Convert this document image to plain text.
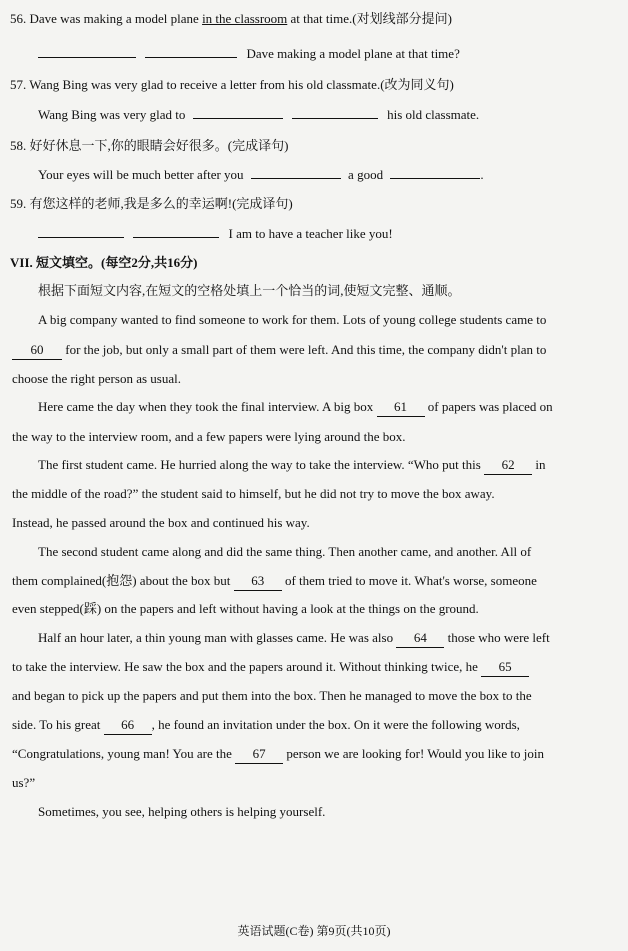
56. Dave was making a model plane in the classroom at that time.(对划线部分提问)
Dave making a model plane at that time?
57. Wang Bing was very glad to receive a letter from his old classmate.(改为同义句)
Wang Bing was very glad to	his old classmate.
58. 好好休息一下,你的眼睛会好很多。(完成译句)
Your eyes will be much better after you	a good	.
59. 有您这样的老师,我是多么的幸运啊!(完成译句)
I am to have a teacher like you!
VII. 短文填空。(每空2分,共16分)
根据下面短文内容,在短文的空格处填上一个恰当的词,使短文完整、通顺。
A big company wanted to find someone to work for them. Lots of young college students came to
60 for the job, but only a small part of them were left. And this time, the company didn't plan to
choose the right person as usual.
Here came the day when they took the final interview. A big box 61 of papers was placed on
the way to the interview room, and a few papers were lying around the box.
The first student came. He hurried along the way to take the interview. “Who put this 62 in
the middle of the road?” the student said to himself, but he did not try to move the box away.
Instead, he passed around the box and continued his way.
The second student came along and did the same thing. Then another came, and another. All of
them complained(抱怨) about the box but 63 of them tried to move it. What's worse, someone
even stepped(踩) on the papers and left without having a look at the things on the ground.
Half an hour later, a thin young man with glasses came. He was also 64 those who were left
to take the interview. He saw the box and the papers around it. Without thinking twice, he 65
and began to pick up the papers and put them into the box. Then he managed to move the box to the
side. To his great 66 , he found an invitation under the box. On it were the following words,
“Congratulations, young man! You are the 67 person we are looking for! Would you like to join
us?”
Sometimes, you see, helping others is helping yourself.
英语试题(C卷) 第9页(共10页)
